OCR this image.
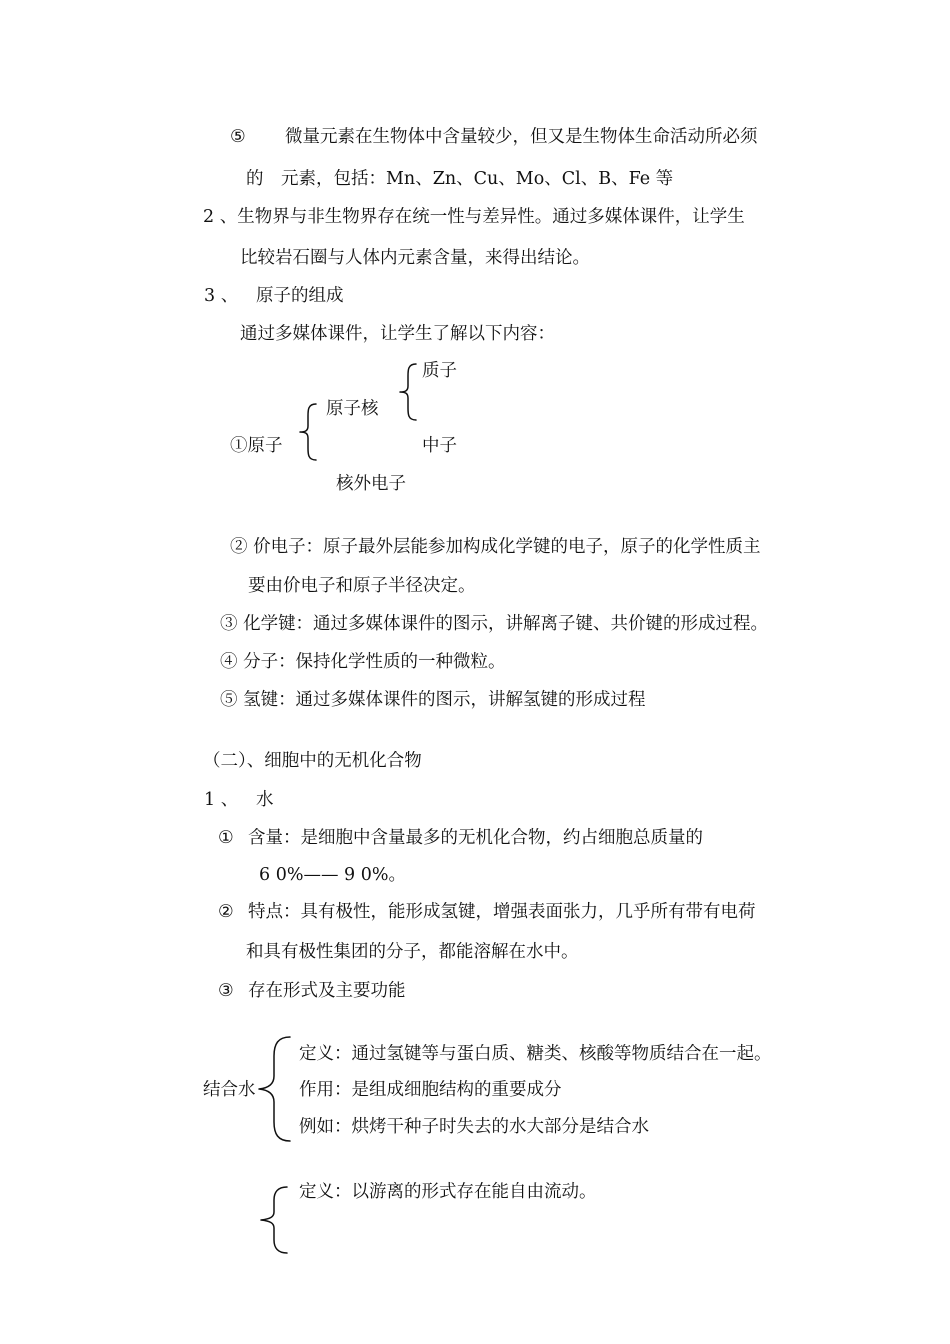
⑤ 微量元素在生物体中含量较少，但又是生物体生命活动所必须
的　元素，包括：Mn、Zn、Cu、Mo、Cl、B、Fe 等
2 、生物界与非生物界存在统一性与差异性。通过多媒体课件，让学生
比较岩石圈与人体内元素含量，来得出结论。
3 、 原子的组成
通过多媒体课件，让学生了解以下内容：
质子
原子核
①原子	中子
核外电子
② 价电子：原子最外层能参加构成化学键的电子，原子的化学性质主
要由价电子和原子半径决定。
③ 化学键：通过多媒体课件的图示，讲解离子键、共价键的形成过程。
④ 分子：保持化学性质的一种微粒。
⑤ 氢键：通过多媒体课件的图示，讲解氢键的形成过程
（二）、细胞中的无机化合物
1 、 水
① 含量：是细胞中含量最多的无机化合物，约占细胞总质量的
6 0%—— 9 0%。
② 特点：具有极性，能形成氢键，增强表面张力，几乎所有带有电荷
和具有极性集团的分子，都能溶解在水中。
③ 存在形式及主要功能
结合水
定义：通过氢键等与蛋白质、糖类、核酸等物质结合在一起。
作用：是组成细胞结构的重要成分
例如：烘烤干种子时失去的水大部分是结合水
定义：以游离的形式存在能自由流动。
